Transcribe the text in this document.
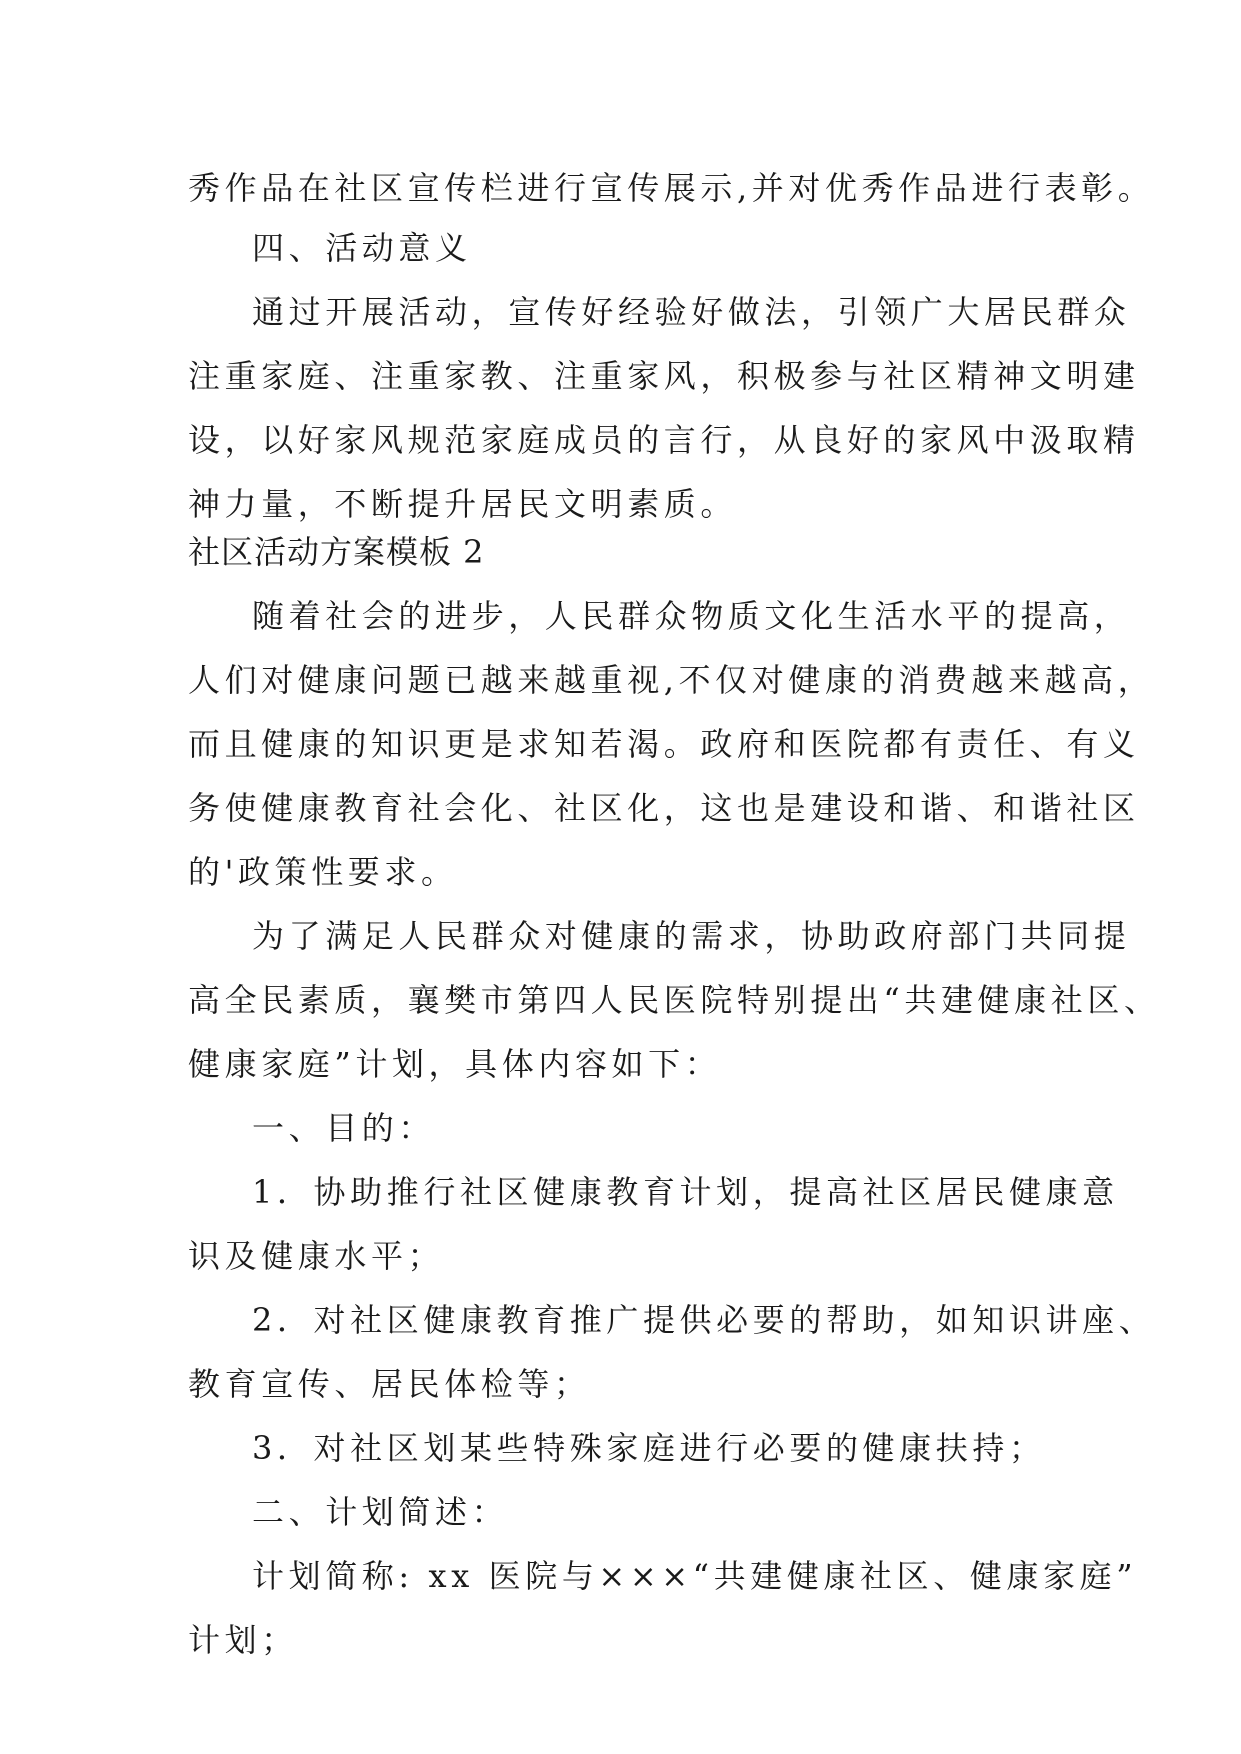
秀作品在社区宣传栏进行宣传展示,并对优秀作品进行表彰。
四、活动意义
通过开展活动，宣传好经验好做法，引领广大居民群众
注重家庭、注重家教、注重家风，积极参与社区精神文明建
设，以好家风规范家庭成员的言行，从良好的家风中汲取精
神力量，不断提升居民文明素质。
社区活动方案模板 2
随着社会的进步，人民群众物质文化生活水平的提高，
人们对健康问题已越来越重视,不仅对健康的消费越来越高，
而且健康的知识更是求知若渴。政府和医院都有责任、有义
务使健康教育社会化、社区化，这也是建设和谐、和谐社区
的'政策性要求。
为了满足人民群众对健康的需求，协助政府部门共同提
高全民素质，襄樊市第四人民医院特别提出“共建健康社区、
健康家庭”计划，具体内容如下：
一、目的：
1．协助推行社区健康教育计划，提高社区居民健康意
识及健康水平；
2．对社区健康教育推广提供必要的帮助，如知识讲座、
教育宣传、居民体检等；
3．对社区划某些特殊家庭进行必要的健康扶持；
二、计划简述：
计划简称: xx 医院与×××“共建健康社区、健康家庭”
计划；
